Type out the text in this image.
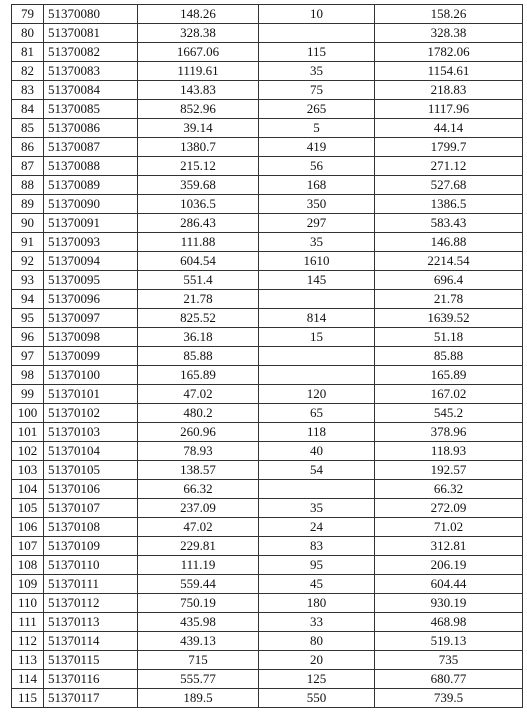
79	51370080	148.26	10	158.26
80	51370081	328.38		328.38
81	51370082	1667.06	115	1782.06
82	51370083	1119.61	35	1154.61
83	51370084	143.83	75	218.83
84	51370085	852.96	265	1117.96
85	51370086	39.14	5	44.14
86	51370087	1380.7	419	1799.7
87	51370088	215.12	56	271.12
88	51370089	359.68	168	527.68
89	51370090	1036.5	350	1386.5
90	51370091	286.43	297	583.43
91	51370093	111.88	35	146.88
92	51370094	604.54	1610	2214.54
93	51370095	551.4	145	696.4
94	51370096	21.78		21.78
95	51370097	825.52	814	1639.52
96	51370098	36.18	15	51.18
97	51370099	85.88		85.88
98	51370100	165.89		165.89
99	51370101	47.02	120	167.02
100	51370102	480.2	65	545.2
101	51370103	260.96	118	378.96
102	51370104	78.93	40	118.93
103	51370105	138.57	54	192.57
104	51370106	66.32		66.32
105	51370107	237.09	35	272.09
106	51370108	47.02	24	71.02
107	51370109	229.81	83	312.81
108	51370110	111.19	95	206.19
109	51370111	559.44	45	604.44
110	51370112	750.19	180	930.19
111	51370113	435.98	33	468.98
112	51370114	439.13	80	519.13
113	51370115	715	20	735
114	51370116	555.77	125	680.77
115	51370117	189.5	550	739.5
